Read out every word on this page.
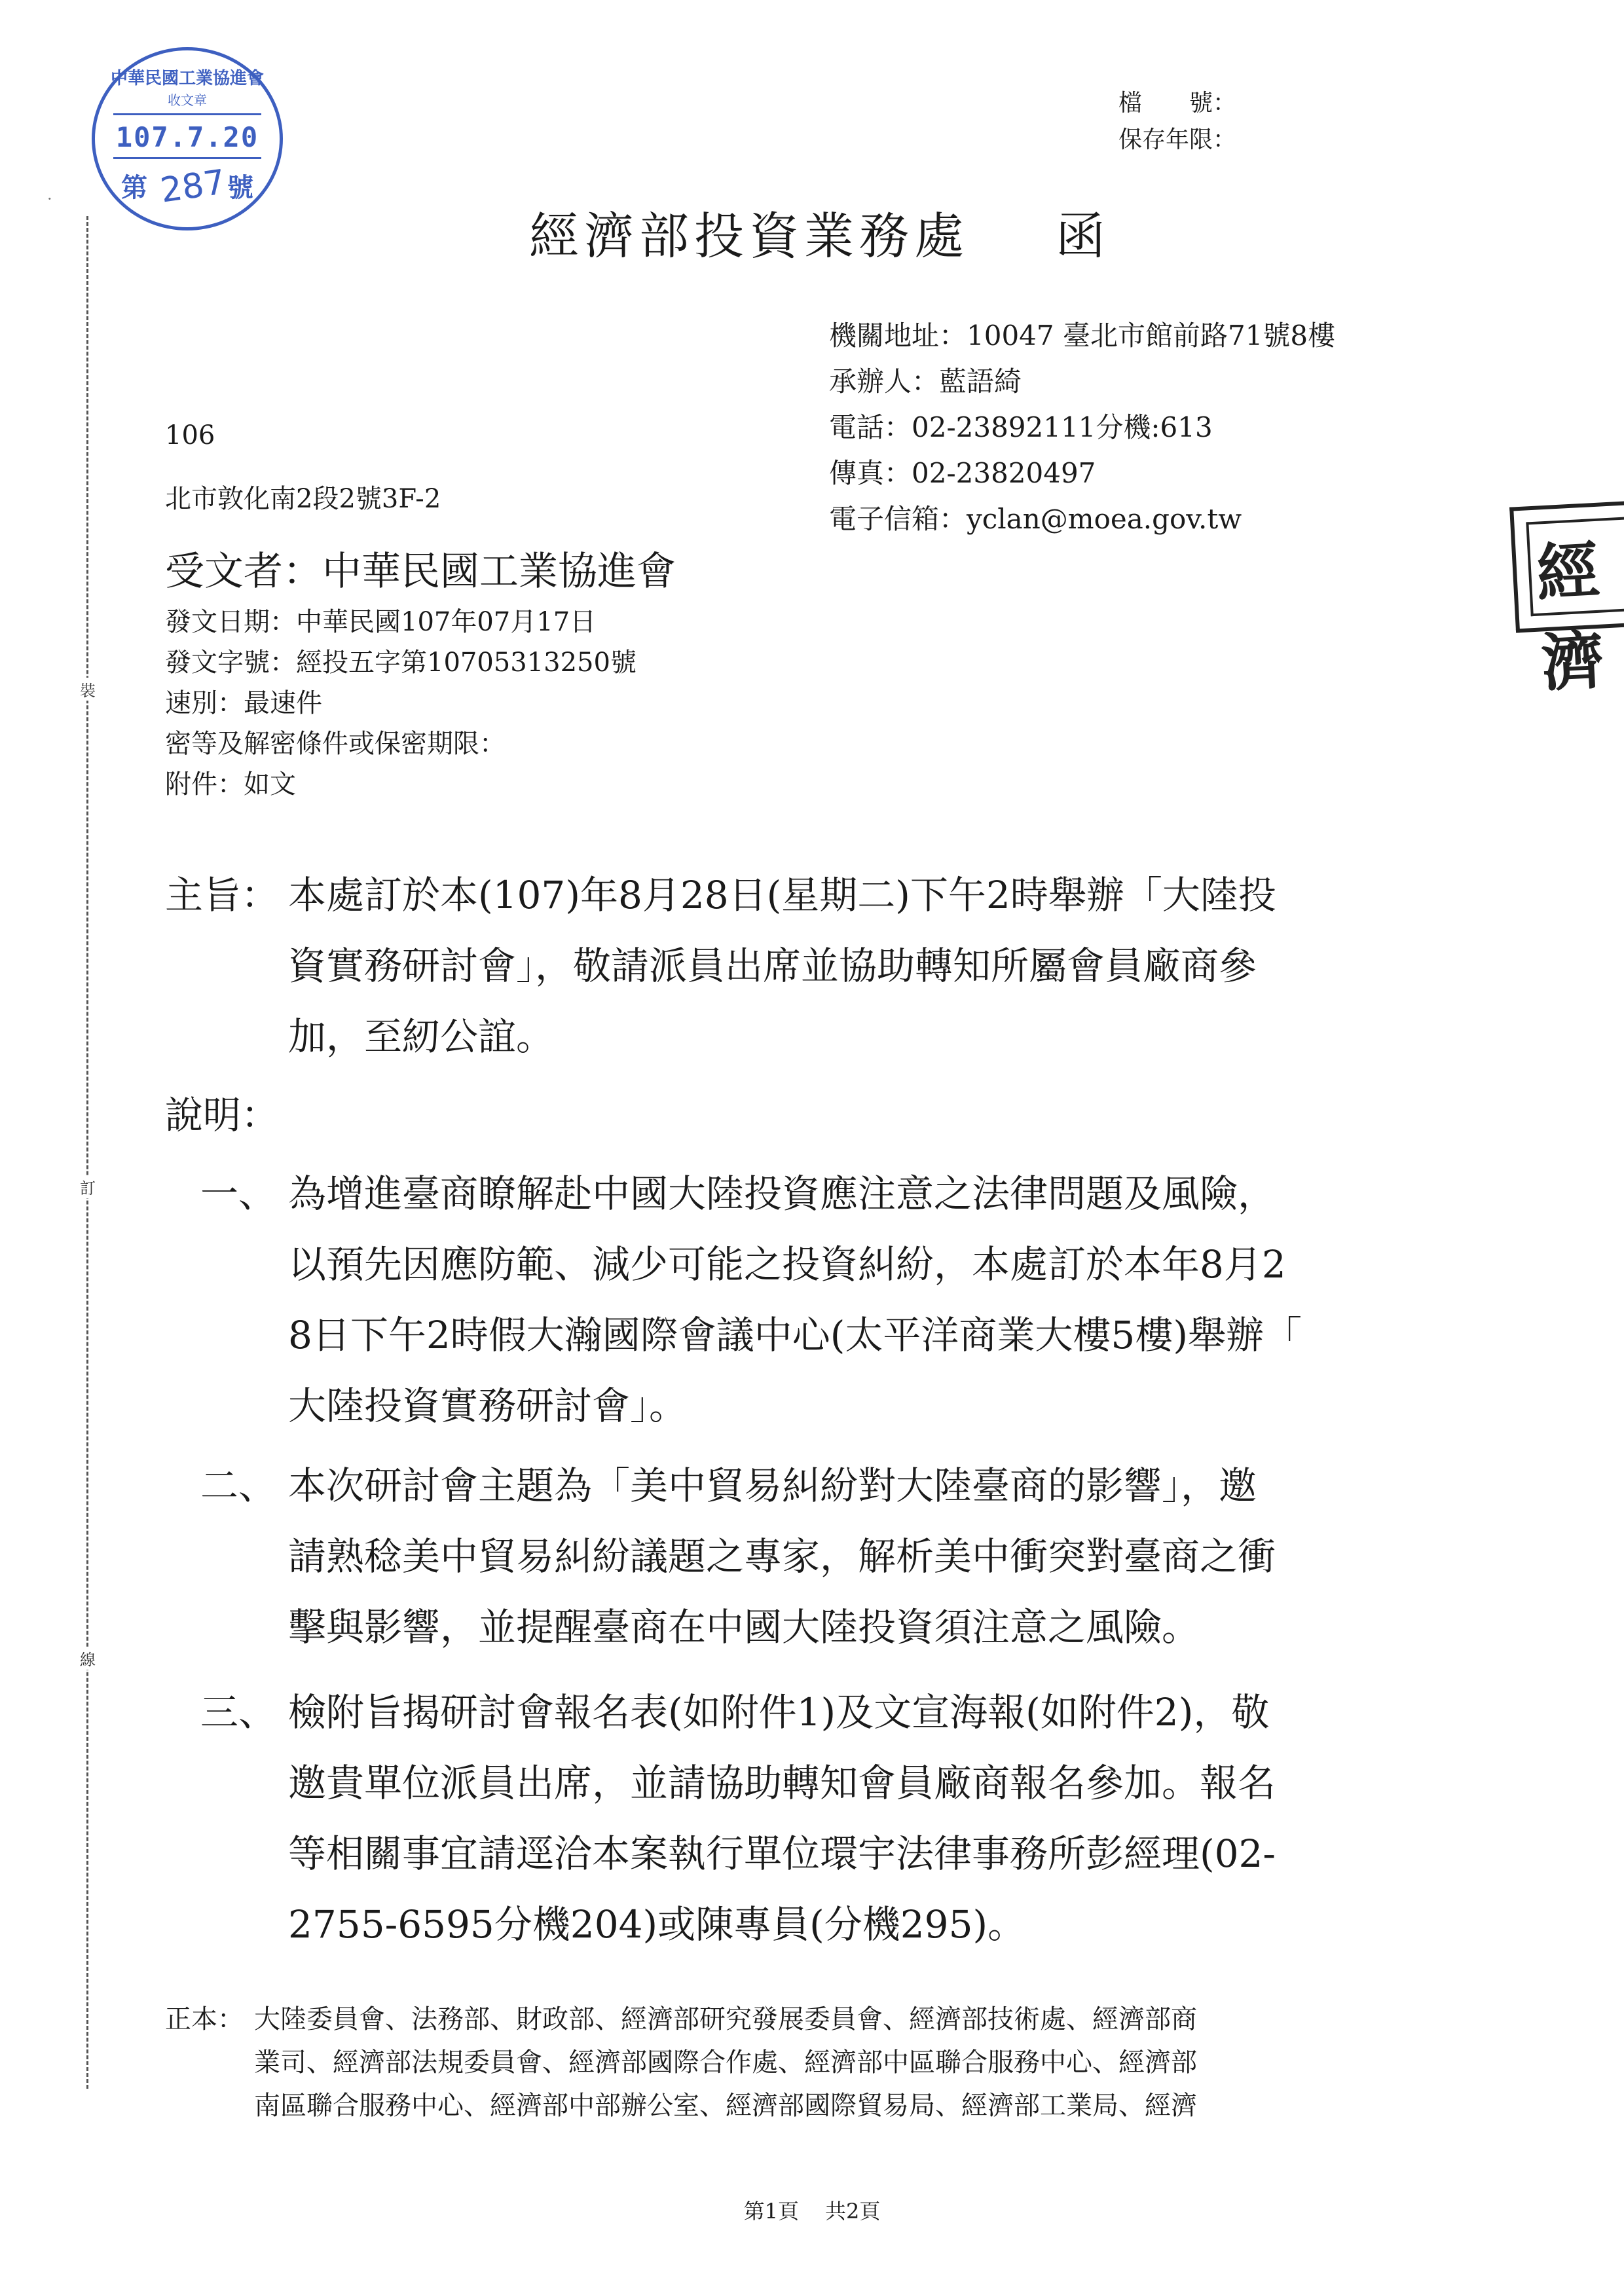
中華民國工業協進會
收文章
107.7.20
第 287 號
·
裝
訂
線
經濟
檔　　號：
保存年限：
經濟部投資業務處 函
機關地址：10047 臺北市館前路71號8樓
承辦人：藍語綺
電話：02-23892111分機:613
傳真：02-23820497
電子信箱：yclan@moea.gov.tw
106
北市敦化南2段2號3F-2
受文者：中華民國工業協進會
發文日期：中華民國107年07月17日
發文字號：經投五字第10705313250號
速別：最速件
密等及解密條件或保密期限：
附件：如文
主旨： 本處訂於本(107)年8月28日(星期二)下午2時舉辦「大陸投
資實務研討會」，敬請派員出席並協助轉知所屬會員廠商參
加，至紉公誼。
說明：
一、 為增進臺商瞭解赴中國大陸投資應注意之法律問題及風險，
以預先因應防範、減少可能之投資糾紛，本處訂於本年8月2
8日下午2時假大瀚國際會議中心(太平洋商業大樓5樓)舉辦「
大陸投資實務研討會」。
二、 本次研討會主題為「美中貿易糾紛對大陸臺商的影響」，邀
請熟稔美中貿易糾紛議題之專家，解析美中衝突對臺商之衝
擊與影響，並提醒臺商在中國大陸投資須注意之風險。
三、 檢附旨揭研討會報名表(如附件1)及文宣海報(如附件2)，敬
邀貴單位派員出席，並請協助轉知會員廠商報名參加。報名
等相關事宜請逕洽本案執行單位環宇法律事務所彭經理(02-
2755-6595分機204)或陳專員(分機295)。
正本： 大陸委員會、法務部、財政部、經濟部研究發展委員會、經濟部技術處、經濟部商
業司、經濟部法規委員會、經濟部國際合作處、經濟部中區聯合服務中心、經濟部
南區聯合服務中心、經濟部中部辦公室、經濟部國際貿易局、經濟部工業局、經濟
第1頁 共2頁
